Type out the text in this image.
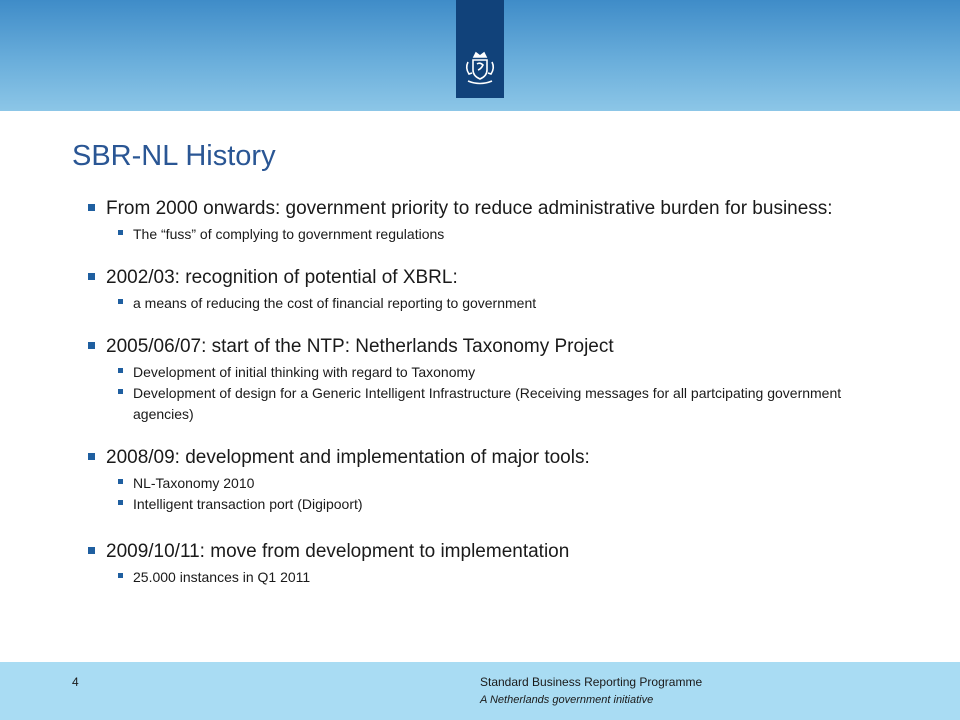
SBR-NL History
From 2000 onwards: government priority to reduce administrative burden for business:
The “fuss” of complying to government regulations
2002/03: recognition of potential of XBRL:
a means of reducing the cost of financial reporting to government
2005/06/07: start of the NTP: Netherlands Taxonomy Project
Development of initial thinking with regard to Taxonomy
Development of design for a Generic Intelligent Infrastructure (Receiving messages for all partcipating government agencies)
2008/09: development and implementation of major tools:
NL-Taxonomy 2010
Intelligent transaction port (Digipoort)
2009/10/11: move from development to implementation
25.000 instances in Q1 2011
4	Standard Business Reporting Programme
A Netherlands government initiative
